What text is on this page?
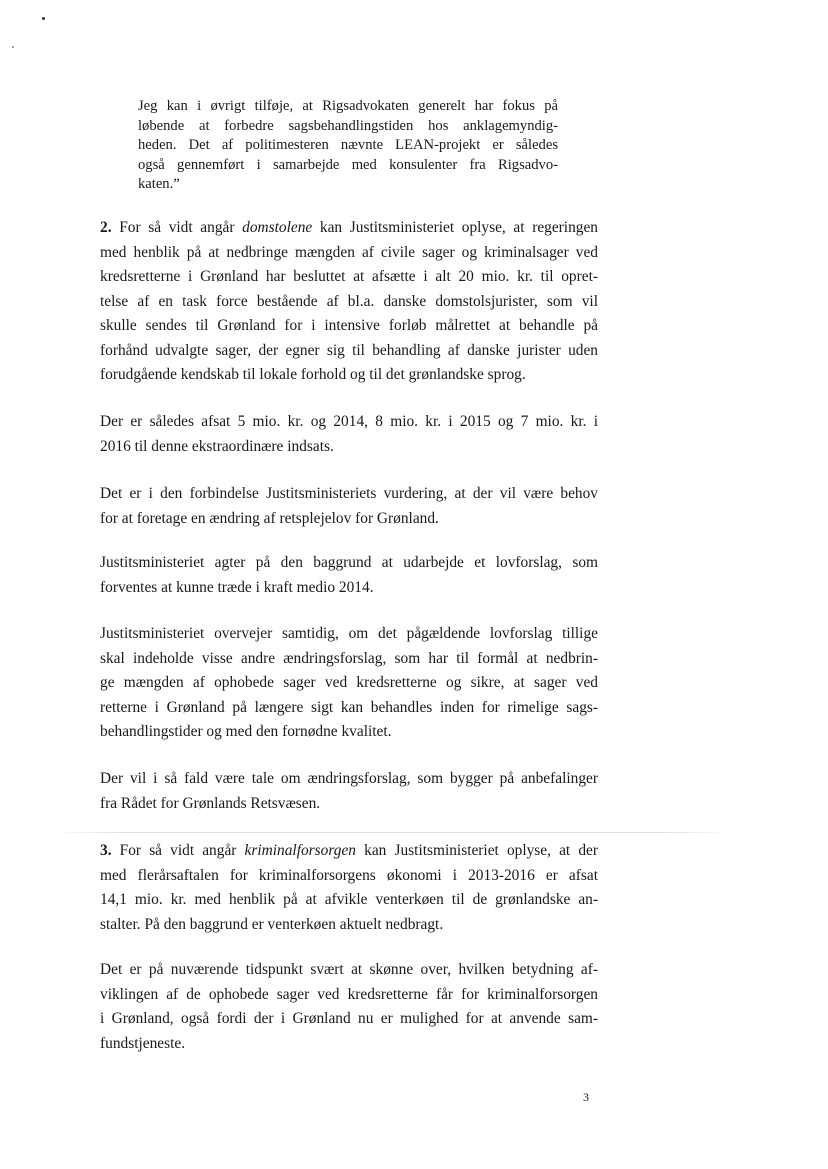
Jeg kan i øvrigt tilføje, at Rigsadvokaten generelt har fokus på
løbende at forbedre sagsbehandlingstiden hos anklagemyndig-
heden. Det af politimesteren nævnte LEAN-projekt er således
også gennemført i samarbejde med konsulenter fra Rigsadvo-
katen.”
2. For så vidt angår domstolene kan Justitsministeriet oplyse, at regeringen
med henblik på at nedbringe mængden af civile sager og kriminalsager ved
kredsretterne i Grønland har besluttet at afsætte i alt 20 mio. kr. til opret-
telse af en task force bestående af bl.a. danske domstolsjurister, som vil
skulle sendes til Grønland for i intensive forløb målrettet at behandle på
forhånd udvalgte sager, der egner sig til behandling af danske jurister uden
forudgående kendskab til lokale forhold og til det grønlandske sprog.
Der er således afsat 5 mio. kr. og 2014, 8 mio. kr. i 2015 og 7 mio. kr. i
2016 til denne ekstraordinære indsats.
Det er i den forbindelse Justitsministeriets vurdering, at der vil være behov
for at foretage en ændring af retsplejelov for Grønland.
Justitsministeriet agter på den baggrund at udarbejde et lovforslag, som
forventes at kunne træde i kraft medio 2014.
Justitsministeriet overvejer samtidig, om det pågældende lovforslag tillige
skal indeholde visse andre ændringsforslag, som har til formål at nedbrin-
ge mængden af ophobede sager ved kredsretterne og sikre, at sager ved
retterne i Grønland på længere sigt kan behandles inden for rimelige sags-
behandlingstider og med den fornødne kvalitet.
Der vil i så fald være tale om ændringsforslag, som bygger på anbefalinger
fra Rådet for Grønlands Retsvæsen.
3. For så vidt angår kriminalforsorgen kan Justitsministeriet oplyse, at der
med flerårsaftalen for kriminalforsorgens økonomi i 2013-2016 er afsat
14,1 mio. kr. med henblik på at afvikle venterkøen til de grønlandske an-
stalter. På den baggrund er venterkøen aktuelt nedbragt.
Det er på nuværende tidspunkt svært at skønne over, hvilken betydning af-
viklingen af de ophobede sager ved kredsretterne får for kriminalforsorgen
i Grønland, også fordi der i Grønland nu er mulighed for at anvende sam-
fundstjeneste.
3
